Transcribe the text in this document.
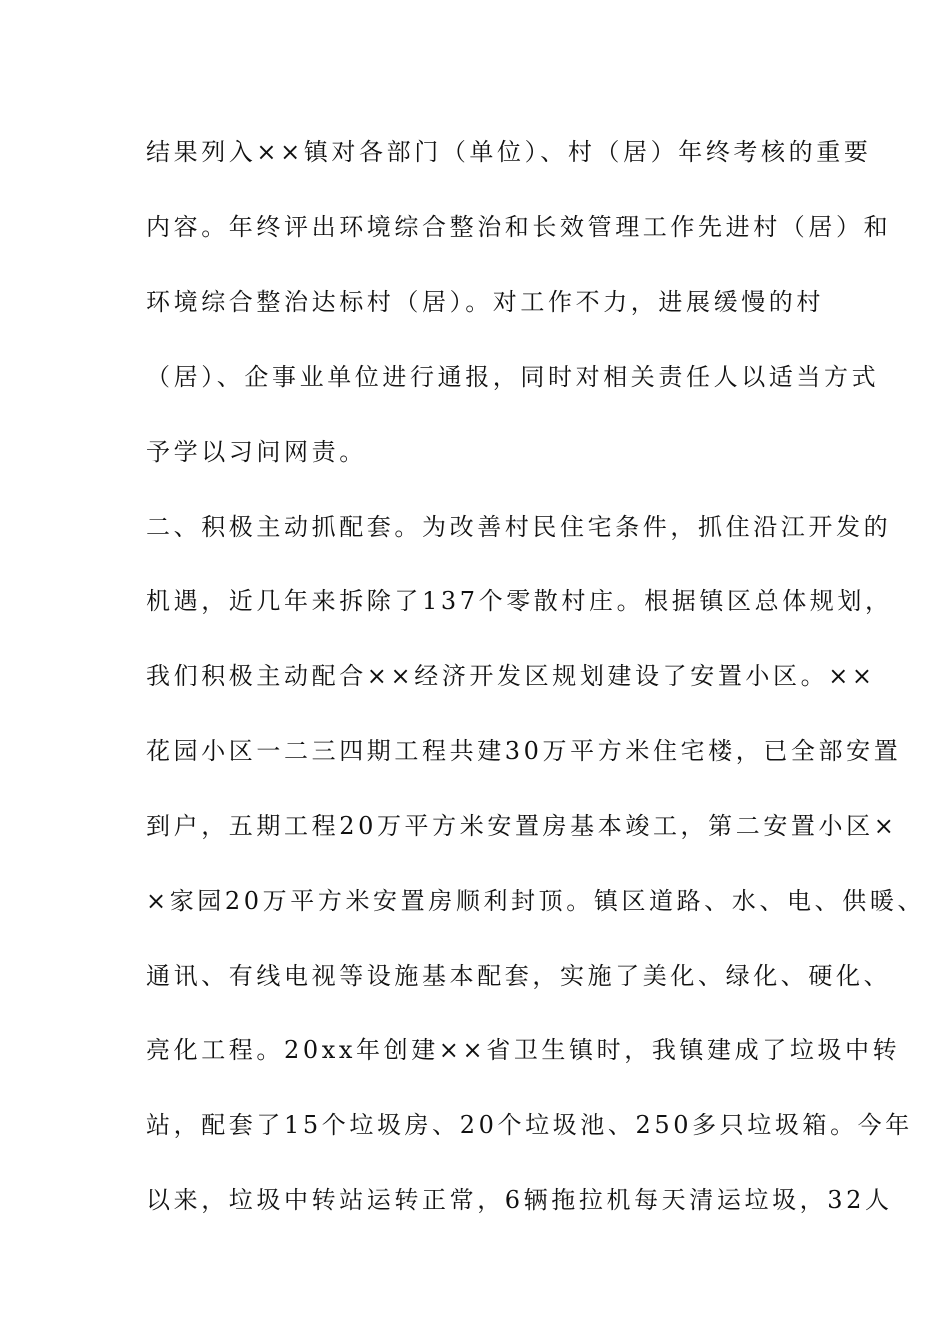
结果列入××镇对各部门（单位）、村（居）年终考核的重要
内容。年终评出环境综合整治和长效管理工作先进村（居）和
环境综合整治达标村（居）。对工作不力，进展缓慢的村
（居）、企事业单位进行通报，同时对相关责任人以适当方式
予学以习问网责。
二、积极主动抓配套。为改善村民住宅条件，抓住沿江开发的
机遇，近几年来拆除了137个零散村庄。根据镇区总体规划，
我们积极主动配合××经济开发区规划建设了安置小区。××
花园小区一二三四期工程共建30万平方米住宅楼，已全部安置
到户，五期工程20万平方米安置房基本竣工，第二安置小区×
×家园20万平方米安置房顺利封顶。镇区道路、水、电、供暖、
通讯、有线电视等设施基本配套，实施了美化、绿化、硬化、
亮化工程。20xx年创建××省卫生镇时，我镇建成了垃圾中转
站，配套了15个垃圾房、20个垃圾池、250多只垃圾箱。今年
以来，垃圾中转站运转正常，6辆拖拉机每天清运垃圾，32人
